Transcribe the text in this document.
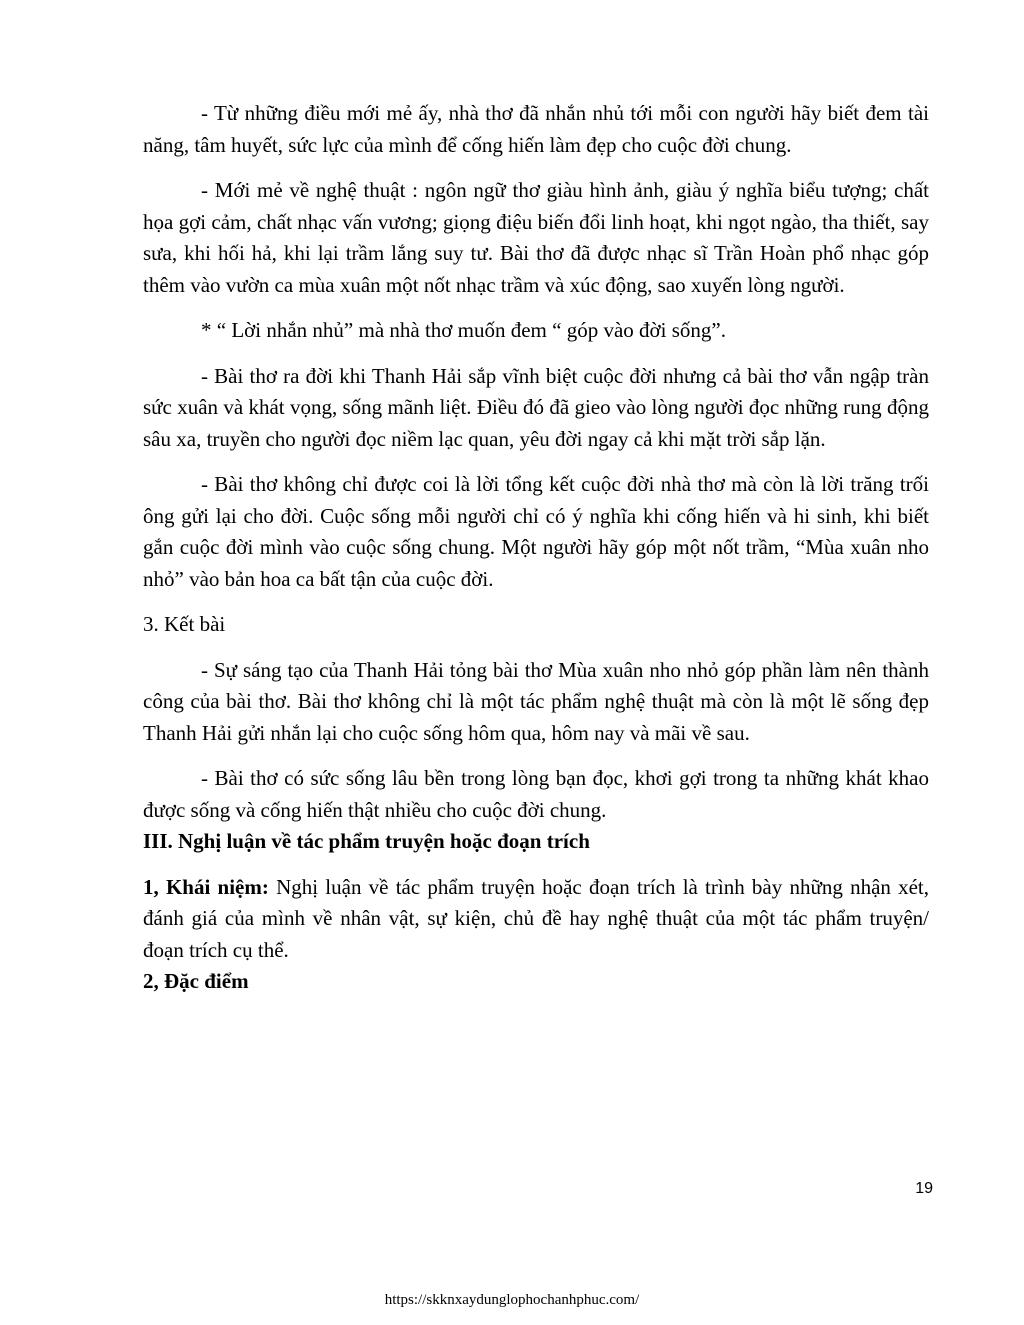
- Từ những điều mới mẻ ấy, nhà thơ đã nhắn nhủ tới mỗi con người hãy biết đem tài năng, tâm huyết, sức lực của mình để cống hiến làm đẹp cho cuộc đời chung.

- Mới mẻ về nghệ thuật : ngôn ngữ thơ giàu hình ảnh, giàu ý nghĩa biểu tượng; chất họa gợi cảm, chất nhạc vấn vương; giọng điệu biến đổi linh hoạt, khi ngọt ngào, tha thiết, say sưa, khi hối hả, khi lại trầm lắng suy tư. Bài thơ đã được nhạc sĩ Trần Hoàn phổ nhạc góp thêm vào vườn ca mùa xuân một nốt nhạc trầm và xúc động, sao xuyến lòng người.

* “ Lời nhắn nhủ” mà nhà thơ muốn đem “ góp vào đời sống”.

- Bài thơ ra đời khi Thanh Hải sắp vĩnh biệt cuộc đời nhưng cả bài thơ vẫn ngập tràn sức xuân và khát vọng, sống mãnh liệt. Điều đó đã gieo vào lòng người đọc những rung động sâu xa, truyền cho người đọc niềm lạc quan, yêu đời ngay cả khi mặt trời sắp lặn.

- Bài thơ không chỉ được coi là lời tổng kết cuộc đời nhà thơ mà còn là lời trăng trối ông gửi lại cho đời. Cuộc sống mỗi người chỉ có ý nghĩa khi cống hiến và hi sinh, khi biết gắn cuộc đời mình vào cuộc sống chung. Một người hãy góp một nốt trầm, “Mùa xuân nho nhỏ” vào bản hoa ca bất tận của cuộc đời.

3. Kết bài

- Sự sáng tạo của Thanh Hải tỏng bài thơ Mùa xuân nho nhỏ góp phần làm nên thành công của bài thơ. Bài thơ không chỉ là một tác phẩm nghệ thuật mà còn là một lẽ sống đẹp Thanh Hải gửi nhắn lại cho cuộc sống hôm qua, hôm nay và mãi về sau.

- Bài thơ có sức sống lâu bền trong lòng bạn đọc, khơi gợi trong ta những khát khao được sống và cống hiến thật nhiều cho cuộc đời chung.

III. Nghị luận về tác phẩm truyện hoặc đoạn trích

1, Khái niệm: Nghị luận về tác phẩm truyện hoặc đoạn trích là trình bày những nhận xét, đánh giá của mình về nhân vật, sự kiện, chủ đề hay nghệ thuật của một tác phẩm truyện/ đoạn trích cụ thể.

2, Đặc điểm

19
https://skknxaydunglophochanhphuc.com/
